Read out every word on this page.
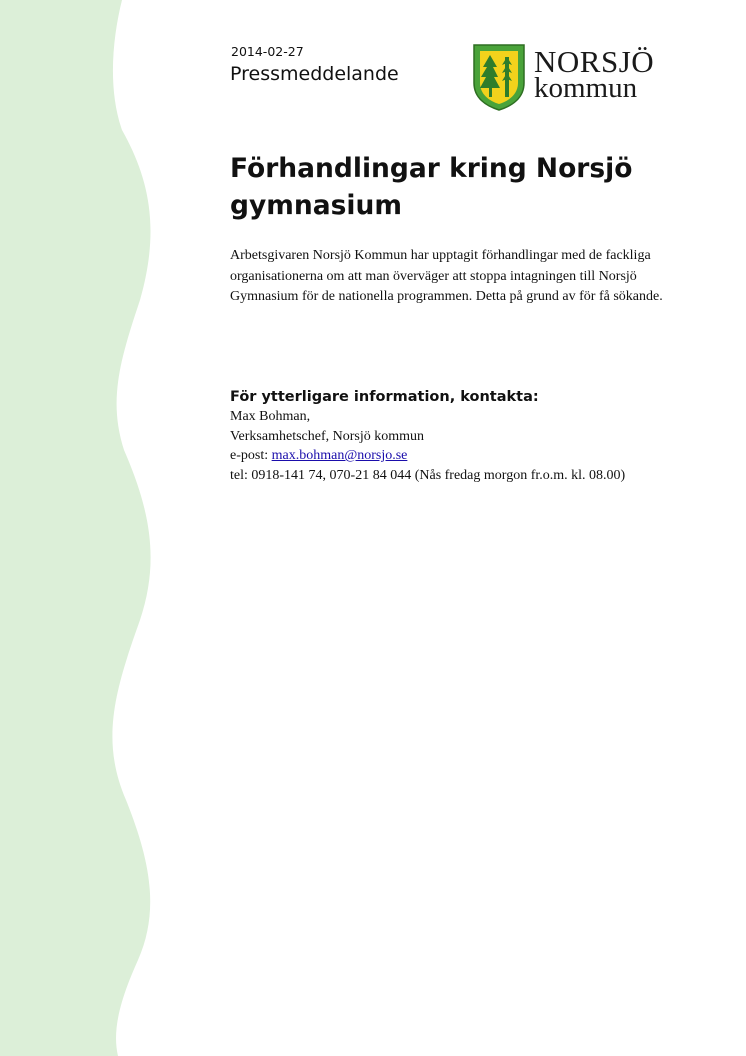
2014-02-27
Pressmeddelande	NORSJÖ
kommun
Förhandlingar kring Norsjö gymnasium

Arbetsgivaren Norsjö Kommun har upptagit förhandlingar med de fackliga organisationerna om att man överväger att stoppa intagningen till Norsjö Gymnasium för de nationella programmen. Detta på grund av för få sökande.

För ytterligare information, kontakta:
Max Bohman,
Verksamhetschef, Norsjö kommun
e-post: max.bohman@norsjo.se
tel: 0918-141 74, 070-21 84 044 (Nås fredag morgon fr.o.m. kl. 08.00)
